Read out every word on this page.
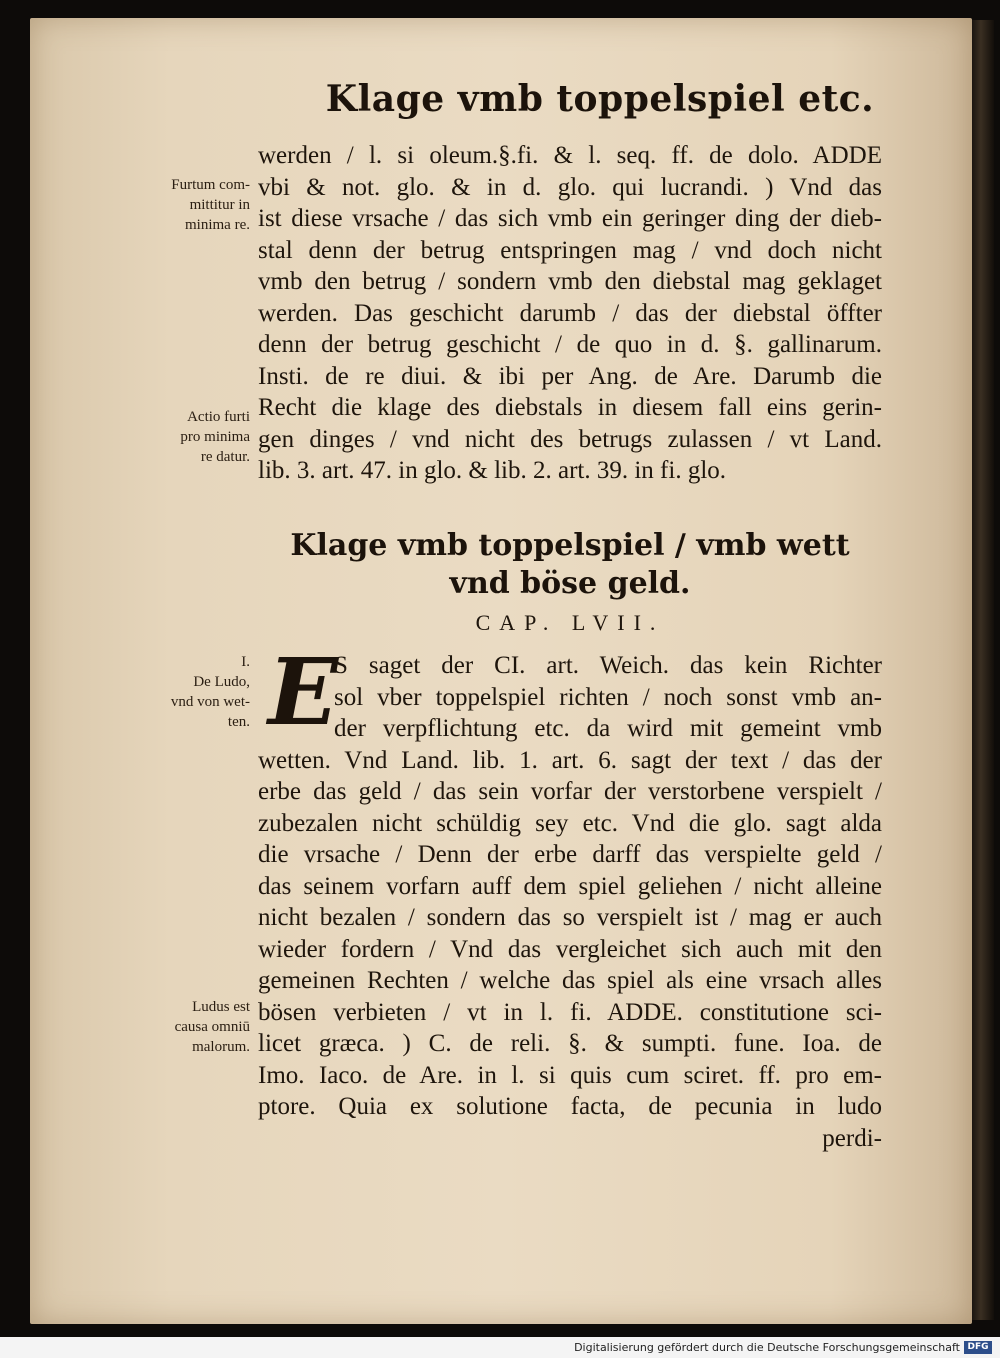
Klage vmb toppelspiel etc.
Furtum com-
mittitur in
minima re.
Actio furti
pro minima
re datur.
I.
De Ludo,
vnd von wet-
ten.
Ludus est
causa omniū
malorum.
werden / l. si oleum.§.fi. & l. seq. ff. de dolo. ADDE
vbi & not. glo. & in d. glo. qui lucrandi. ) Vnd das
ist diese vrsache / das sich vmb ein geringer ding der dieb-
stal denn der betrug entspringen mag / vnd doch nicht
vmb den betrug / sondern vmb den diebstal mag geklaget
werden. Das geschicht darumb / das der diebstal öffter
denn der betrug geschicht / de quo in d. §. gallinarum.
Insti. de re diui. & ibi per Ang. de Are. Darumb die
Recht die klage des diebstals in diesem fall eins gerin-
gen dinges / vnd nicht des betrugs zulassen / vt Land.
lib. 3. art. 47. in glo. & lib. 2. art. 39. in fi. glo.
Klage vmb toppelspiel / vmb wett
vnd böse geld.
CAP. LVII.
E
S saget der CI. art. Weich. das kein Richter
sol vber toppelspiel richten / noch sonst vmb an-
der verpflichtung etc. da wird mit gemeint vmb
wetten. Vnd Land. lib. 1. art. 6. sagt der text / das der
erbe das geld / das sein vorfar der verstorbene verspielt /
zubezalen nicht schüldig sey etc. Vnd die glo. sagt alda
die vrsache / Denn der erbe darff das verspielte geld /
das seinem vorfarn auff dem spiel geliehen / nicht alleine
nicht bezalen / sondern das so verspielt ist / mag er auch
wieder fordern / Vnd das vergleichet sich auch mit den
gemeinen Rechten / welche das spiel als eine vrsach alles
bösen verbieten / vt in l. fi. ADDE. constitutione sci-
licet græca. ) C. de reli. §. & sumpti. fune. Ioa. de
Imo. Iaco. de Are. in l. si quis cum sciret. ff. pro em-
ptore. Quia ex solutione facta, de pecunia in ludo
perdi-
Digitalisierung gefördert durch die Deutsche Forschungsgemeinschaft DFG
